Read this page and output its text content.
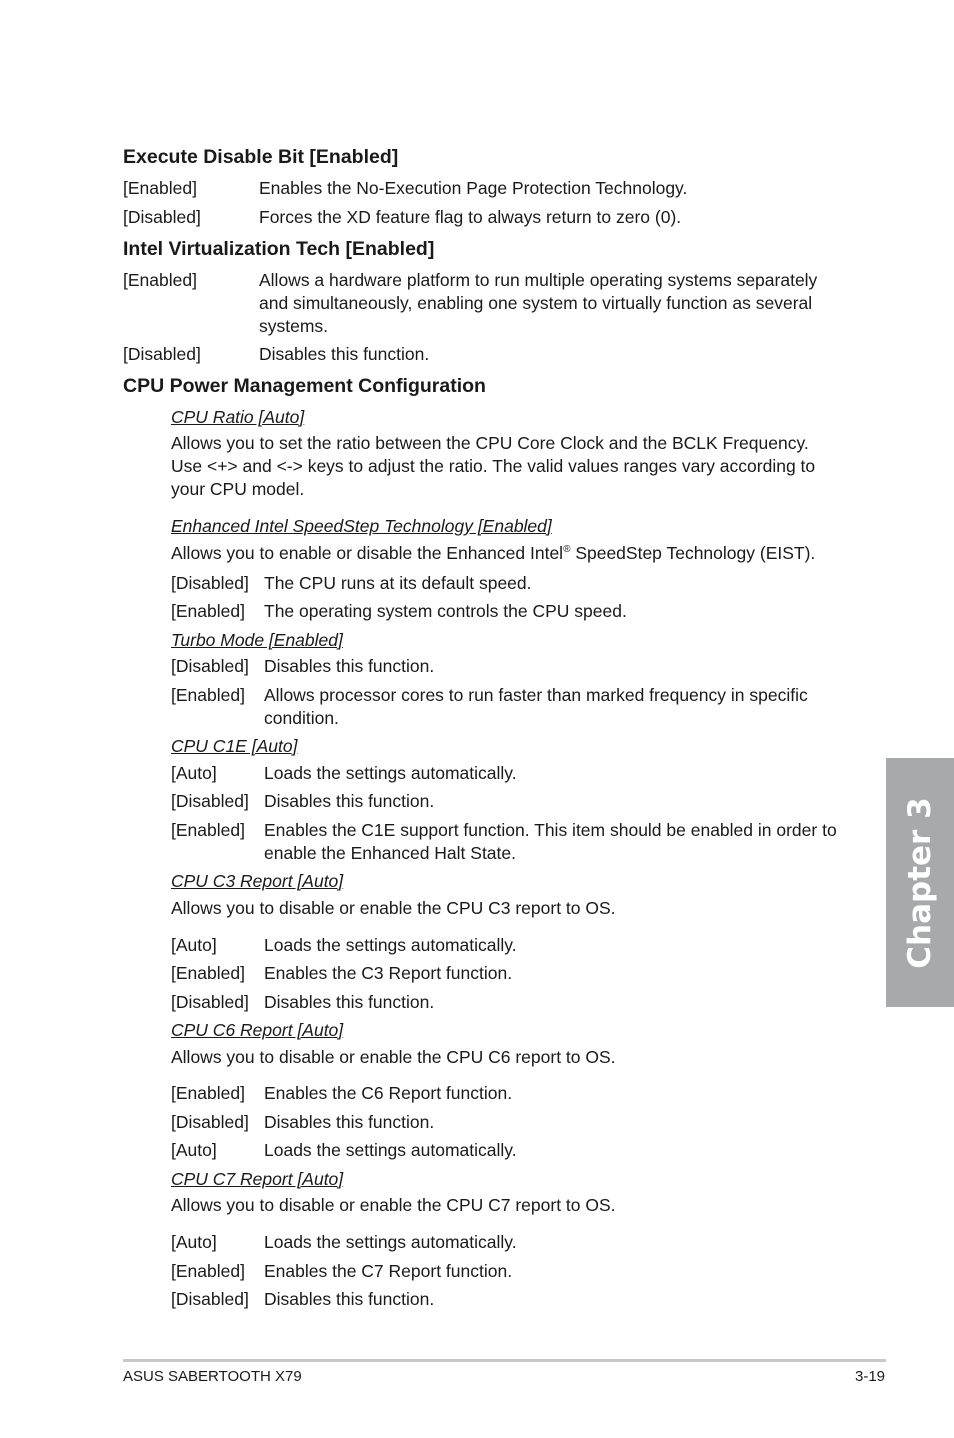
Execute Disable Bit [Enabled]
[Enabled]	Enables the No-Execution Page Protection Technology.
[Disabled]	Forces the XD feature flag to always return to zero (0).
Intel Virtualization Tech [Enabled]
[Enabled]	Allows a hardware platform to run multiple operating systems separately and simultaneously, enabling one system to virtually function as several systems.
[Disabled]	Disables this function.
CPU Power Management Configuration
CPU Ratio [Auto]
Allows you to set the ratio between the CPU Core Clock and the BCLK Frequency. Use <+> and <-> keys to adjust the ratio. The valid values ranges vary according to your CPU model.
Enhanced Intel SpeedStep Technology [Enabled]
Allows you to enable or disable the Enhanced Intel® SpeedStep Technology (EIST).
[Disabled] The CPU runs at its default speed.
[Enabled] The operating system controls the CPU speed.
Turbo Mode [Enabled]
[Disabled] Disables this function.
[Enabled] Allows processor cores to run faster than marked frequency in specific condition.
CPU C1E [Auto]
[Auto]	Loads the settings automatically.
[Disabled] Disables this function.
[Enabled] Enables the C1E support function. This item should be enabled in order to enable the Enhanced Halt State.
CPU C3 Report [Auto]
Allows you to disable or enable the CPU C3 report to OS.
[Auto]	Loads the settings automatically.
[Enabled] Enables the C3 Report function.
[Disabled] Disables this function.
CPU C6 Report [Auto]
Allows you to disable or enable the CPU C6 report to OS.
[Enabled] Enables the C6 Report function.
[Disabled] Disables this function.
[Auto]	Loads the settings automatically.
CPU C7 Report [Auto]
Allows you to disable or enable the CPU C7 report to OS.
[Auto]	Loads the settings automatically.
[Enabled] Enables the C7 Report function.
[Disabled] Disables this function.
Chapter 3
ASUS SABERTOOTH X79	3-19
